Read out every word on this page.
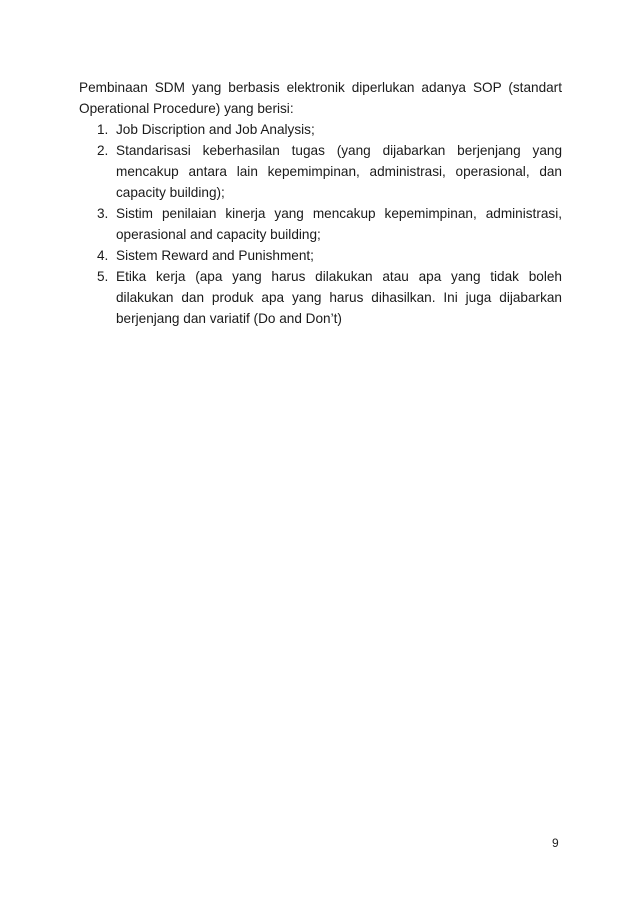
Pembinaan SDM yang berbasis elektronik diperlukan adanya SOP (standart
Operational Procedure) yang berisi:

1. Job Discription and Job Analysis;
2. Standarisasi keberhasilan tugas (yang dijabarkan berjenjang yang
mencakup antara lain kepemimpinan, administrasi, operasional, dan
capacity building);
3. Sistim penilaian kinerja yang mencakup kepemimpinan, administrasi,
operasional and capacity building;
4. Sistem Reward and Punishment;
5. Etika kerja (apa yang harus dilakukan atau apa yang tidak boleh
dilakukan dan produk apa yang harus dihasilkan. Ini juga dijabarkan
berjenjang dan variatif (Do and Don’t)
9
